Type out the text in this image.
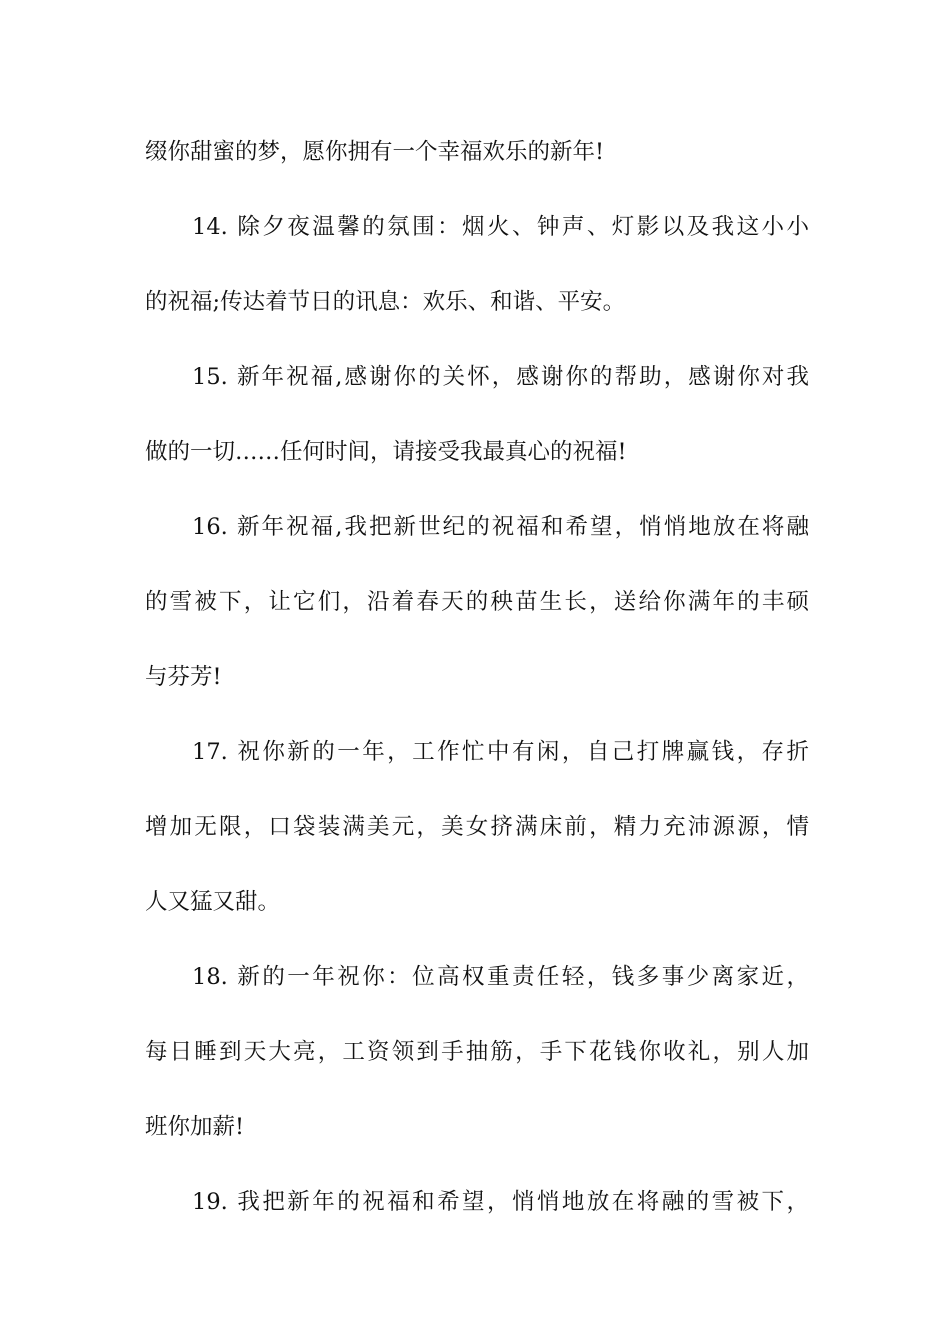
缀你甜蜜的梦，愿你拥有一个幸福欢乐的新年!
14. 除夕夜温馨的氛围：烟火、钟声、灯影以及我这小小
的祝福;传达着节日的讯息：欢乐、和谐、平安。
15. 新年祝福,感谢你的关怀，感谢你的帮助，感谢你对我
做的一切……任何时间，请接受我最真心的祝福!
16. 新年祝福,我把新世纪的祝福和希望，悄悄地放在将融
的雪被下，让它们，沿着春天的秧苗生长，送给你满年的丰硕
与芬芳!
17. 祝你新的一年，工作忙中有闲，自己打牌赢钱，存折
增加无限，口袋装满美元，美女挤满床前，精力充沛源源，情
人又猛又甜。
18. 新的一年祝你：位高权重责任轻，钱多事少离家近，
每日睡到天大亮，工资领到手抽筋，手下花钱你收礼，别人加
班你加薪!
19. 我把新年的祝福和希望，悄悄地放在将融的雪被下，
